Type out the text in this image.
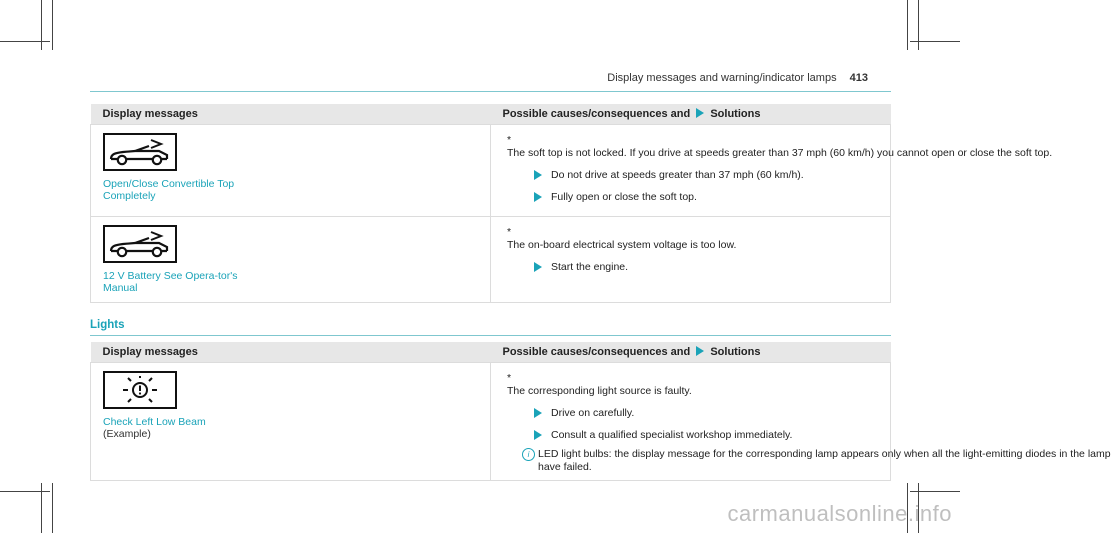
Display messages and warning/indicator lamps 413
Display messages	Possible causes/consequences and Solutions

Open/Close Convertible Top Completely	*The soft top is not locked. If you drive at speeds greater than 37 mph (60 km/h) you cannot open or close the soft top.
Do not drive at speeds greater than 37 mph (60 km/h).
Fully open or close the soft top.

12 V Battery See Opera-tor's Manual	*The on-board electrical system voltage is too low.
Start the engine.
Lights
Display messages	Possible causes/consequences and Solutions

Check Left Low Beam (Example)	*The corresponding light source is faulty.
Drive on carefully.
Consult a qualified specialist workshop immediately.
i LED light bulbs: the display message for the corresponding lamp appears only when all the light-emitting diodes in the lamp have failed.
carmanualsonline.info
